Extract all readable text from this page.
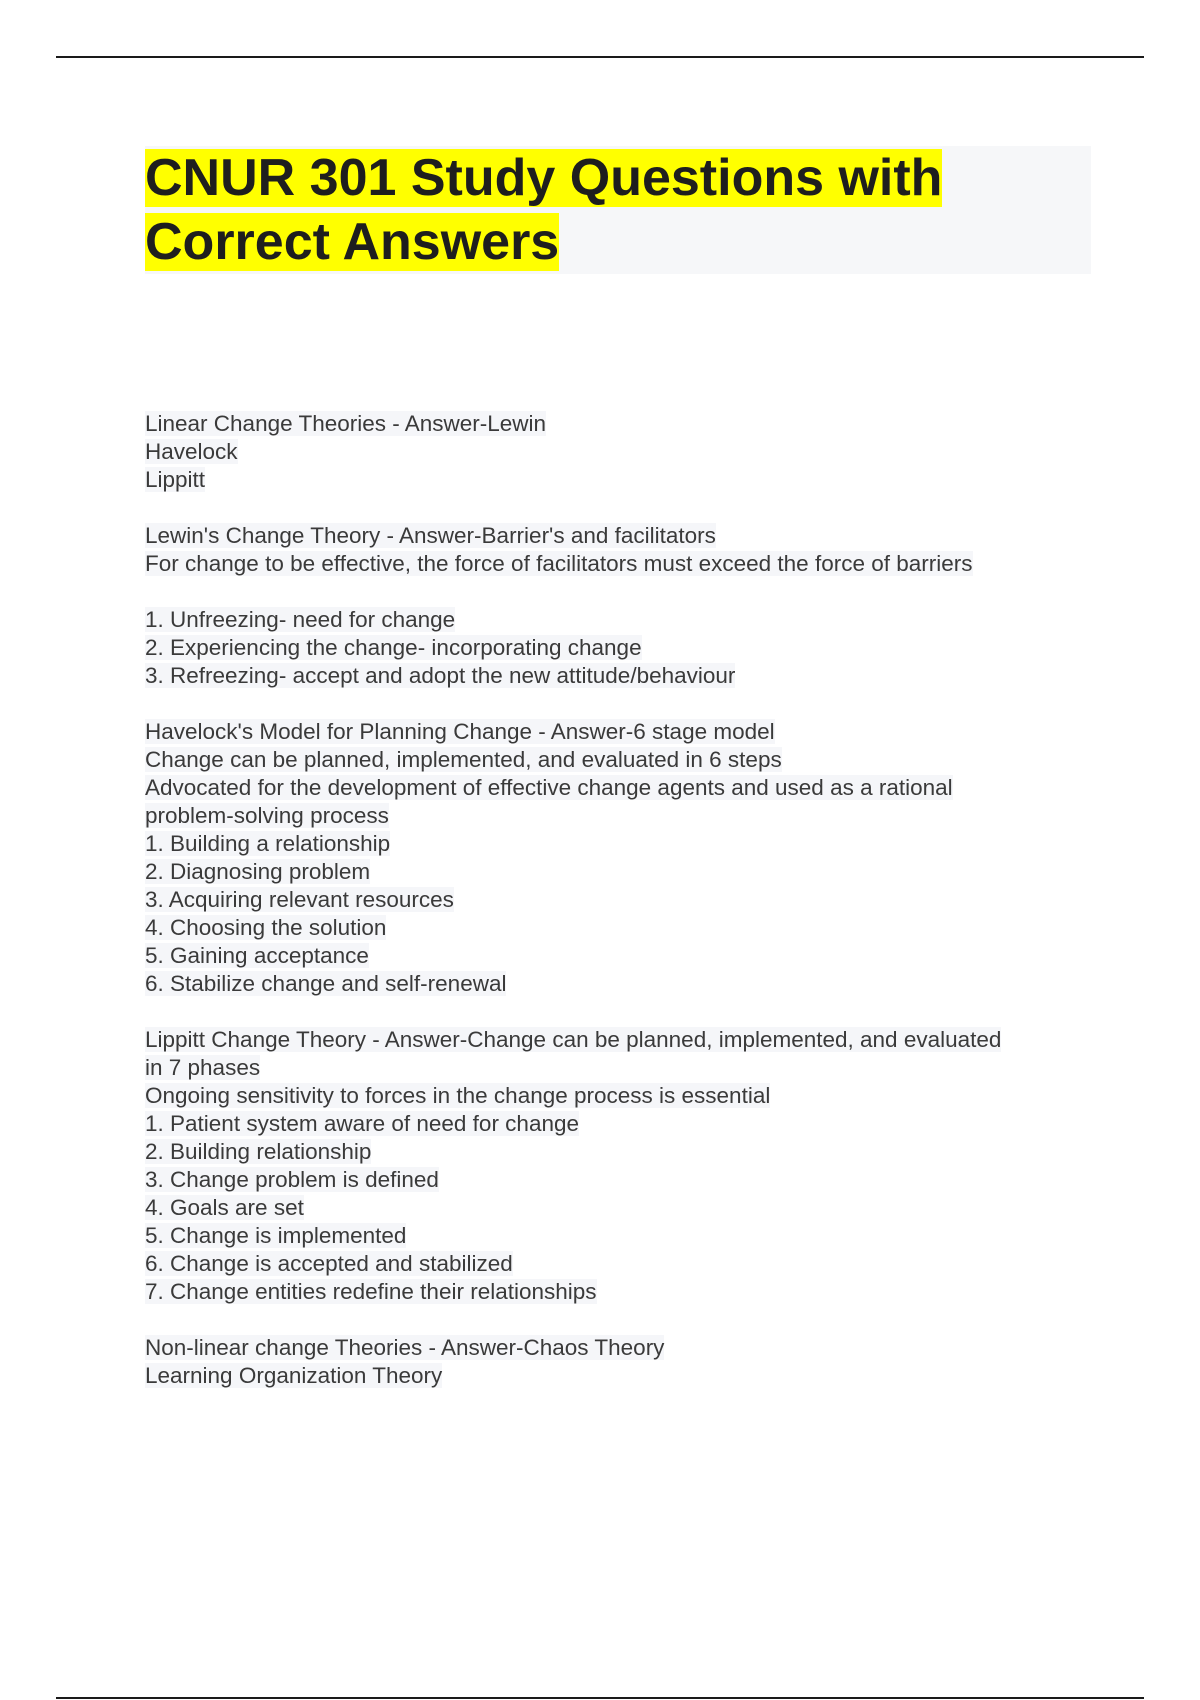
CNUR 301 Study Questions with
Correct Answers
Linear Change Theories - Answer-Lewin
Havelock
Lippitt
Lewin's Change Theory - Answer-Barrier's and facilitators
For change to be effective, the force of facilitators must exceed the force of barriers
1. Unfreezing- need for change
2. Experiencing the change- incorporating change
3. Refreezing- accept and adopt the new attitude/behaviour
Havelock's Model for Planning Change - Answer-6 stage model
Change can be planned, implemented, and evaluated in 6 steps
Advocated for the development of effective change agents and used as a rational
problem-solving process
1. Building a relationship
2. Diagnosing problem
3. Acquiring relevant resources
4. Choosing the solution
5. Gaining acceptance
6. Stabilize change and self-renewal
Lippitt Change Theory - Answer-Change can be planned, implemented, and evaluated
in 7 phases
Ongoing sensitivity to forces in the change process is essential
1. Patient system aware of need for change
2. Building relationship
3. Change problem is defined
4. Goals are set
5. Change is implemented
6. Change is accepted and stabilized
7. Change entities redefine their relationships
Non-linear change Theories - Answer-Chaos Theory
Learning Organization Theory
